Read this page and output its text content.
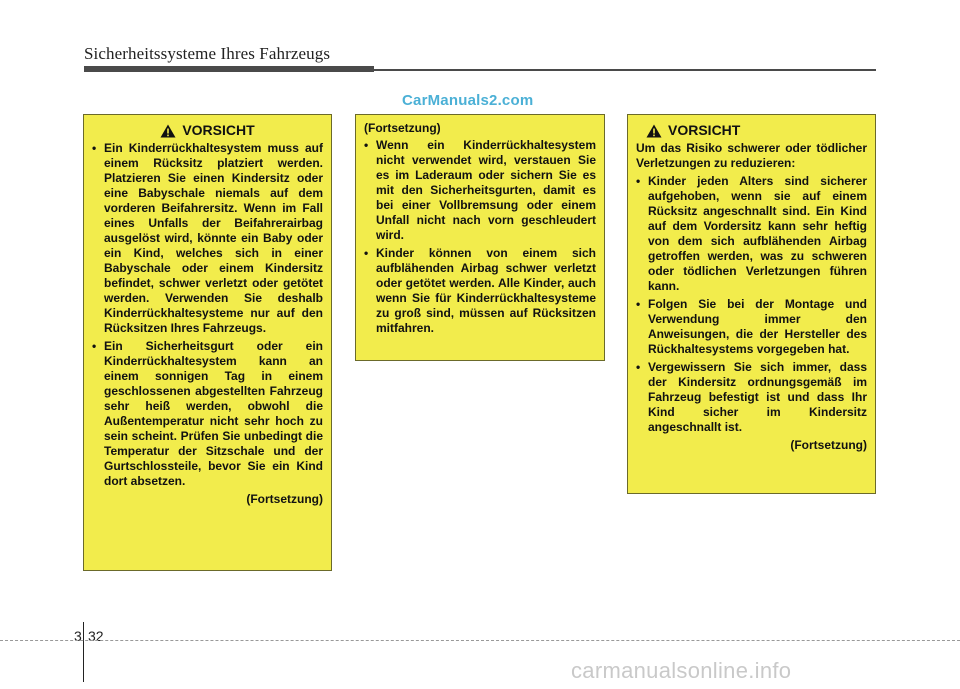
Sicherheitssysteme Ihres Fahrzeugs
CarManuals2.com
VORSICHT
• Ein Kinderrückhaltesystem muss auf einem Rücksitz platziert werden. Platzieren Sie einen Kindersitz oder eine Babyschale niemals auf dem vorderen Beifahrersitz. Wenn im Fall eines Unfalls der Beifahrerairbag ausgelöst wird, könnte ein Baby oder ein Kind, welches sich in einer Babyschale oder einem Kindersitz befindet, schwer verletzt oder getötet werden. Verwenden Sie deshalb Kinderrückhaltesysteme nur auf den Rücksitzen Ihres Fahrzeugs.
• Ein Sicherheitsgurt oder ein Kinderrückhaltesystem kann an einem sonnigen Tag in einem geschlossenen abgestellten Fahrzeug sehr heiß werden, obwohl die Außentemperatur nicht sehr hoch zu sein scheint. Prüfen Sie unbedingt die Temperatur der Sitzschale und der Gurtschlossteile, bevor Sie ein Kind dort absetzen.
(Fortsetzung)
(Fortsetzung)
• Wenn ein Kinderrückhaltesystem nicht verwendet wird, verstauen Sie es im Laderaum oder sichern Sie es mit den Sicherheitsgurten, damit es bei einer Vollbremsung oder einem Unfall nicht nach vorn geschleudert wird.
• Kinder können von einem sich aufblähenden Airbag schwer verletzt oder getötet werden. Alle Kinder, auch wenn Sie für Kinderrückhaltesysteme zu groß sind, müssen auf Rücksitzen mitfahren.
VORSICHT
Um das Risiko schwerer oder tödlicher Verletzungen zu reduzieren:
• Kinder jeden Alters sind sicherer aufgehoben, wenn sie auf einem Rücksitz angeschnallt sind. Ein Kind auf dem Vordersitz kann sehr heftig von dem sich aufblähenden Airbag getroffen werden, was zu schweren oder tödlichen Verletzungen führen kann.
• Folgen Sie bei der Montage und Verwendung immer den Anweisungen, die der Hersteller des Rückhaltesystems vorgegeben hat.
• Vergewissern Sie sich immer, dass der Kindersitz ordnungsgemäß im Fahrzeug befestigt ist und dass Ihr Kind sicher im Kindersitz angeschnallt ist.
(Fortsetzung)
3 32
carmanualsonline.info
